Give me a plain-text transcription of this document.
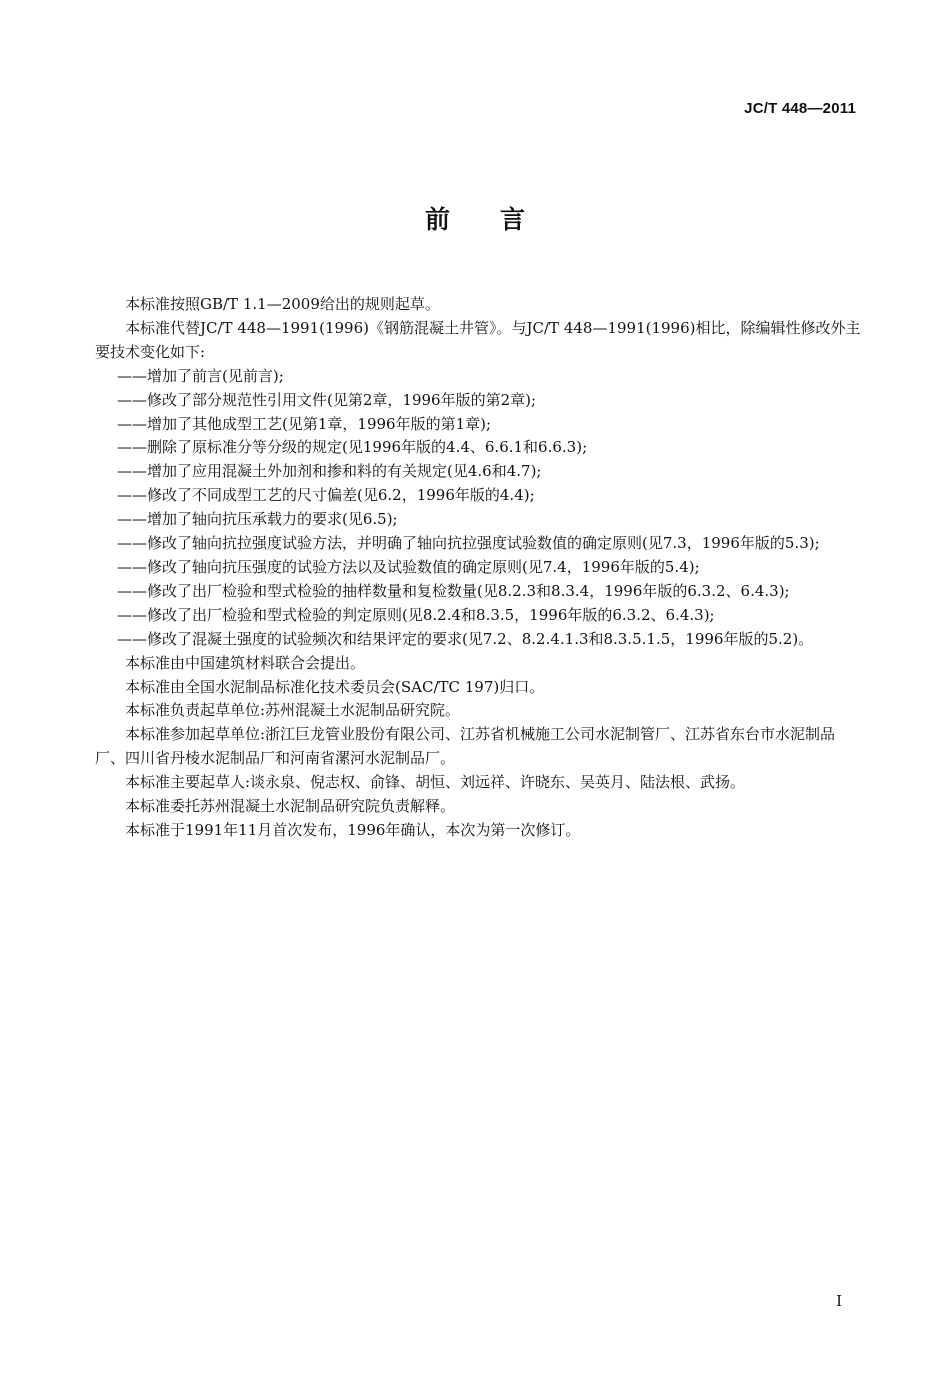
JC/T 448—2011
前言

本标准按照GB/T 1.1—2009给出的规则起草。

本标准代替JC/T 448—1991(1996)《钢筋混凝土井管》。与JC/T 448—1991(1996)相比，除编辑性修改外主要技术变化如下:

——增加了前言(见前言);

——修改了部分规范性引用文件(见第2章，1996年版的第2章);

——增加了其他成型工艺(见第1章，1996年版的第1章);

——删除了原标准分等分级的规定(见1996年版的4.4、6.6.1和6.6.3);

——增加了应用混凝土外加剂和掺和料的有关规定(见4.6和4.7);

——修改了不同成型工艺的尺寸偏差(见6.2，1996年版的4.4);

——增加了轴向抗压承载力的要求(见6.5);

——修改了轴向抗拉强度试验方法，并明确了轴向抗拉强度试验数值的确定原则(见7.3，1996年版的5.3);

——修改了轴向抗压强度的试验方法以及试验数值的确定原则(见7.4，1996年版的5.4);

——修改了出厂检验和型式检验的抽样数量和复检数量(见8.2.3和8.3.4，1996年版的6.3.2、6.4.3);

——修改了出厂检验和型式检验的判定原则(见8.2.4和8.3.5，1996年版的6.3.2、6.4.3);

——修改了混凝土强度的试验频次和结果评定的要求(见7.2、8.2.4.1.3和8.3.5.1.5，1996年版的5.2)。

本标准由中国建筑材料联合会提出。

本标准由全国水泥制品标准化技术委员会(SAC/TC 197)归口。

本标准负责起草单位:苏州混凝土水泥制品研究院。

本标准参加起草单位:浙江巨龙管业股份有限公司、江苏省机械施工公司水泥制管厂、江苏省东台市水泥制品厂、四川省丹棱水泥制品厂和河南省漯河水泥制品厂。

本标准主要起草人:谈永泉、倪志权、俞锋、胡恒、刘远祥、许晓东、吴英月、陆法根、武扬。

本标准委托苏州混凝土水泥制品研究院负责解释。

本标准于1991年11月首次发布，1996年确认，本次为第一次修订。

I
